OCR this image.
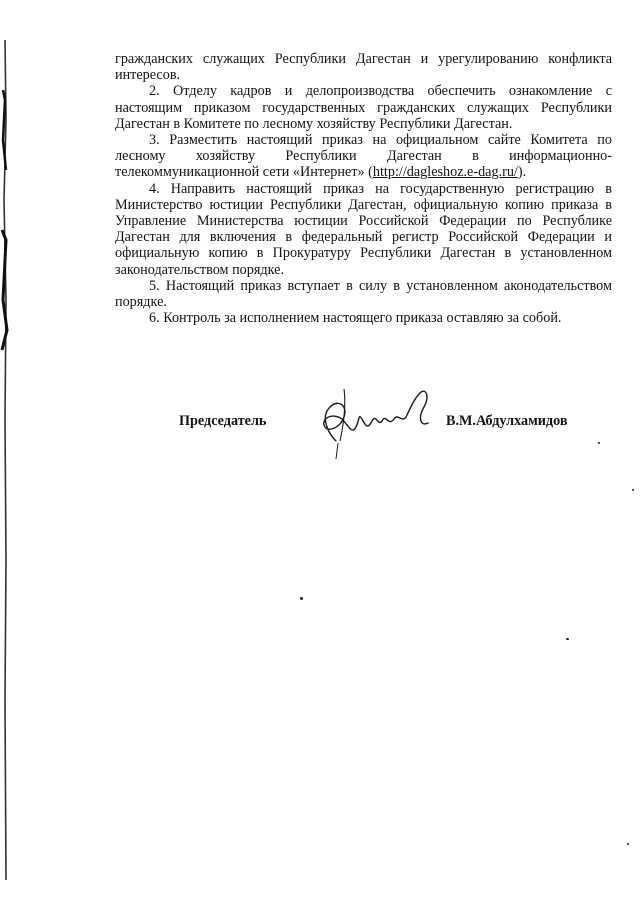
гражданских служащих Республики Дагестан и урегулированию конфликта интересов.

2. Отделу кадров и делопроизводства обеспечить ознакомление с настоящим приказом государственных гражданских служащих Республики Дагестан в Комитете по лесному хозяйству Республики Дагестан.

3. Разместить настоящий приказ на официальном сайте Комитета по лесному хозяйству Республики Дагестан в информационно-телекоммуникационной сети «Интернет» (http://dagleshoz.e-dag.ru/).

4. Направить настоящий приказ на государственную регистрацию в Министерство юстиции Республики Дагестан, официальную копию приказа в Управление Министерства юстиции Российской Федерации по Республике Дагестан для включения в федеральный регистр Российской Федерации и официальную копию в Прокуратуру Республики Дагестан в установленном законодательством порядке.

5. Настоящий приказ вступает в силу в установленном аконодательством порядке.

6. Контроль за исполнением настоящего приказа оставляю за собой.

Председатель	В.М.Абдулхамидов
